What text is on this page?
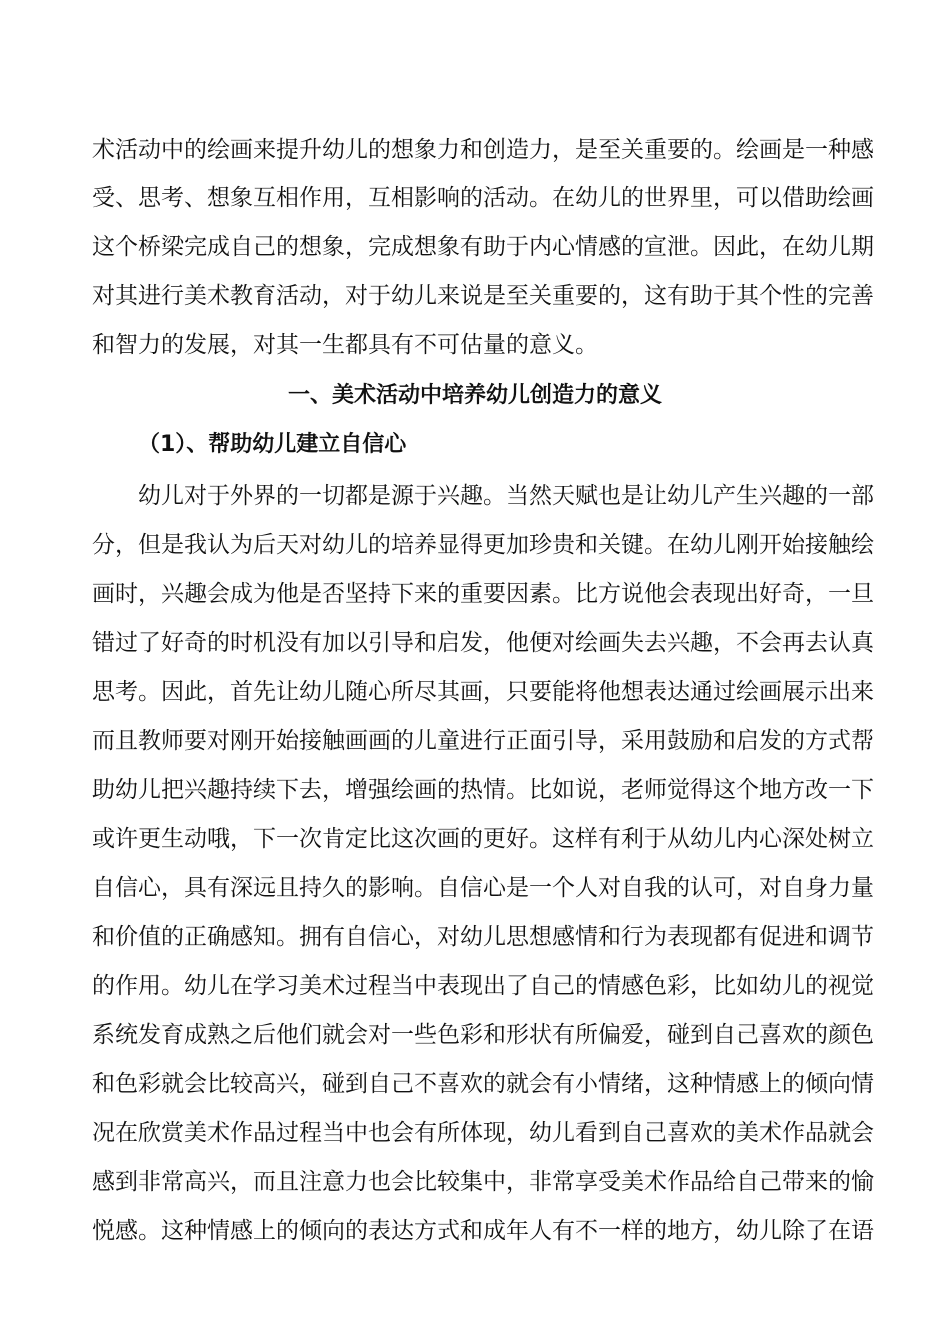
术活动中的绘画来提升幼儿的想象力和创造力，是至关重要的。绘画是一种感
受、思考、想象互相作用，互相影响的活动。在幼儿的世界里，可以借助绘画
这个桥梁完成自己的想象，完成想象有助于内心情感的宣泄。因此，在幼儿期
对其进行美术教育活动，对于幼儿来说是至关重要的，这有助于其个性的完善
和智力的发展，对其一生都具有不可估量的意义。
一、美术活动中培养幼儿创造力的意义
（1）、帮助幼儿建立自信心
幼儿对于外界的一切都是源于兴趣。当然天赋也是让幼儿产生兴趣的一部
分，但是我认为后天对幼儿的培养显得更加珍贵和关键。在幼儿刚开始接触绘
画时，兴趣会成为他是否坚持下来的重要因素。比方说他会表现出好奇，一旦
错过了好奇的时机没有加以引导和启发，他便对绘画失去兴趣，不会再去认真
思考。因此，首先让幼儿随心所尽其画，只要能将他想表达通过绘画展示出来
而且教师要对刚开始接触画画的儿童进行正面引导，采用鼓励和启发的方式帮
助幼儿把兴趣持续下去，增强绘画的热情。比如说，老师觉得这个地方改一下
或许更生动哦，下一次肯定比这次画的更好。这样有利于从幼儿内心深处树立
自信心，具有深远且持久的影响。自信心是一个人对自我的认可，对自身力量
和价值的正确感知。拥有自信心，对幼儿思想感情和行为表现都有促进和调节
的作用。幼儿在学习美术过程当中表现出了自己的情感色彩，比如幼儿的视觉
系统发育成熟之后他们就会对一些色彩和形状有所偏爱，碰到自己喜欢的颜色
和色彩就会比较高兴，碰到自己不喜欢的就会有小情绪，这种情感上的倾向情
况在欣赏美术作品过程当中也会有所体现，幼儿看到自己喜欢的美术作品就会
感到非常高兴，而且注意力也会比较集中，非常享受美术作品给自己带来的愉
悦感。这种情感上的倾向的表达方式和成年人有不一样的地方，幼儿除了在语
